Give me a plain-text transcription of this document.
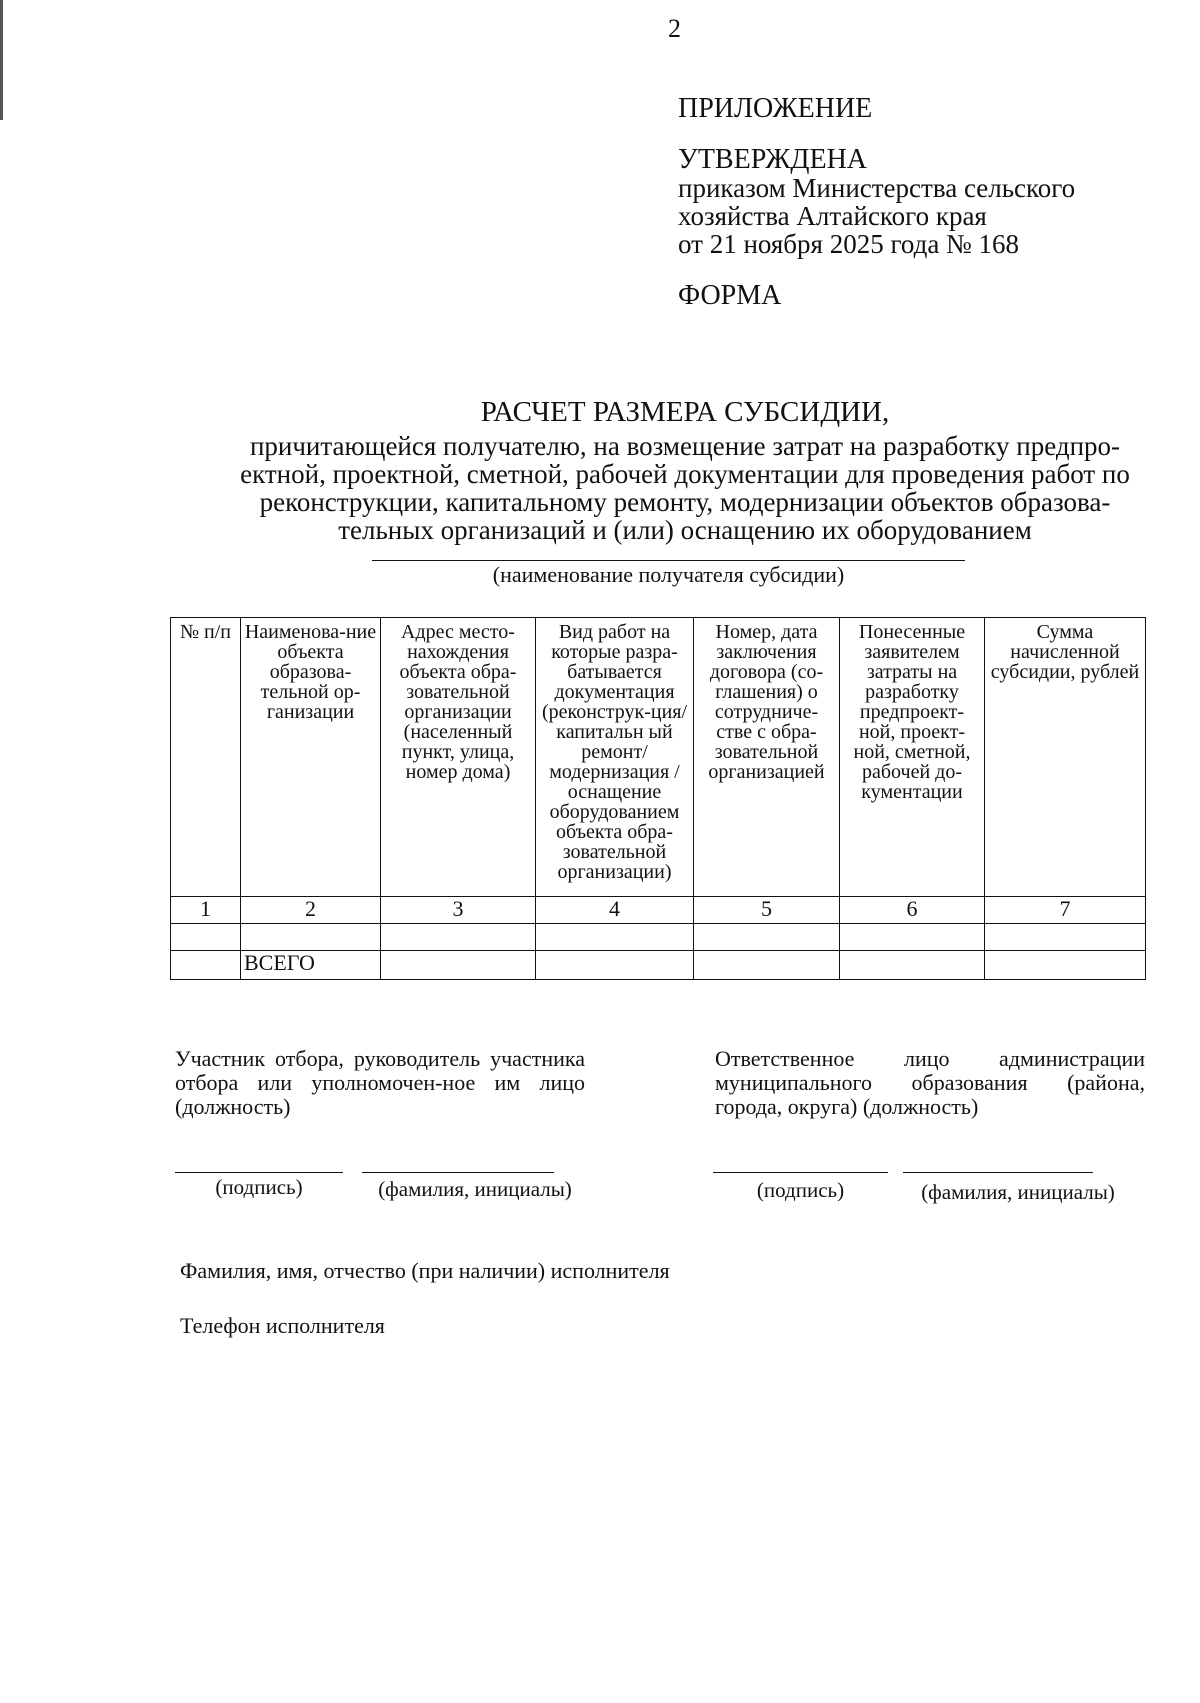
2
ПРИЛОЖЕНИЕ
УТВЕРЖДЕНА
приказом Министерства сельского
хозяйства Алтайского края
от 21 ноября 2025 года № 168
ФОРМА
РАСЧЕТ РАЗМЕРА СУБСИДИИ,
причитающейся получателю, на возмещение затрат на разработку предпро-
ектной, проектной, сметной, рабочей документации для проведения работ по
реконструкции, капитальному ремонту, модернизации объектов образова-
тельных организаций и (или) оснащению их оборудованием
(наименование получателя субсидии)
№ п/п	Наименова-ние объекта образова-тельной ор-ганизации	Адрес место-нахождения объекта обра-зовательной организации (населенный пункт, улица, номер дома)	Вид работ на которые разра-батывается документация (реконструк-ция/капитальн ый ремонт/ модернизация / оснащение оборудованием объекта обра-зовательной организации)	Номер, дата заключения договора (со-глашения) о сотрудниче-стве с обра-зовательной организацией	Понесенные заявителем затраты на разработку предпроект-ной, проект-ной, сметной, рабочей до-кументации	Сумма начисленной субсидии, рублей
1	2	3	4	5	6	7

	ВСЕГО					
Участник отбора, руководитель участника отбора или уполномочен-ное им лицо (должность)
Ответственное лицо администрации муниципального образования (района, города, округа) (должность)
(подпись)	(фамилия, инициалы)	(подпись)	(фамилия, инициалы)
Фамилия, имя, отчество (при наличии) исполнителя
Телефон исполнителя
